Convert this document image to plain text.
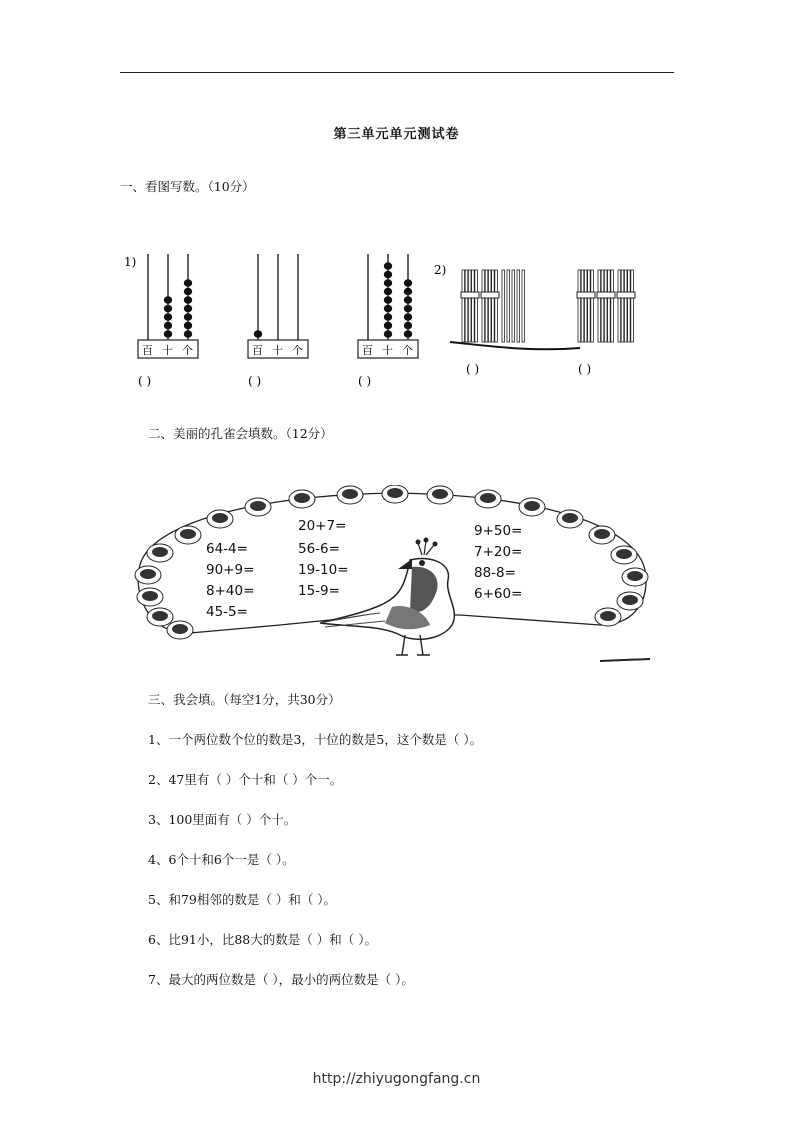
第三单元单元测试卷
一、看图写数。（10分）
1)
百 十 个
( )
百 十 个
( )
百 十 个
( )
2)
( )	( )
二、美丽的孔雀会填数。（12分）
64-4=
90+9=
8+40=
45-5=
20+7=
56-6=
19-10=
15-9=
9+50=
7+20=
88-8=
6+60=
三、我会填。（每空1分，共30分）
1、一个两位数个位的数是3，十位的数是5，这个数是（ ）。
2、47里有（ ）个十和（ ）个一。
3、100里面有（ ）个十。
4、6个十和6个一是（ ）。
5、和79相邻的数是（ ）和（ ）。
6、比91小，比88大的数是（ ）和（ ）。
7、最大的两位数是（ ），最小的两位数是（ ）。
http://zhiyugongfang.cn
